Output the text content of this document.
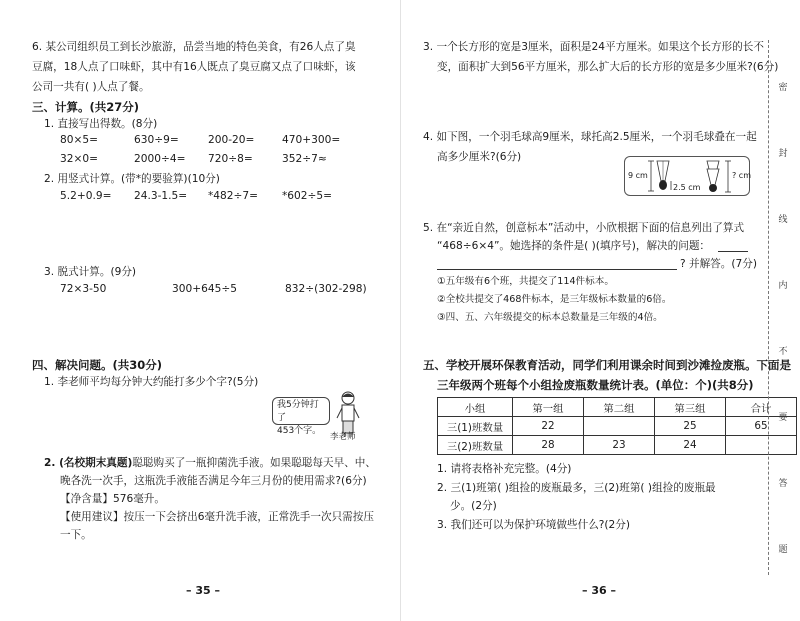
6. 某公司组织员工到长沙旅游，品尝当地的特色美食，有26人点了臭
豆腐，18人点了口味虾，其中有16人既点了臭豆腐又点了口味虾，该
公司一共有( )人点了餐。
三、计算。(共27分)
1. 直接写出得数。(8分)
80×5=	630÷9=	200-20=	470+300=
32×0=	2000÷4= 720÷8=	352÷7≈
2. 用竖式计算。(带*的要验算)(10分)
5.2+0.9= 24.3-1.5= *482÷7= *602÷5=
3. 脱式计算。(9分)
72×3-50	300+645÷5	832÷(302-298)
四、解决问题。(共30分)
1. 李老师平均每分钟大约能打多少个字?(5分)
我5分钟打了
453个字。
李老师
2. (名校期末真题)聪聪购买了一瓶抑菌洗手液。如果聪聪每天早、中、
晚各洗一次手，这瓶洗手液能否满足今年三月份的使用需求?(6分)
【净含量】576毫升。
【使用建议】按压一下会挤出6毫升洗手液，正常洗手一次只需按压
一下。
– 35 –
3. 一个长方形的宽是3厘米，面积是24平方厘米。如果这个长方形的长不
变，面积扩大到56平方厘米，那么扩大后的长方形的宽是多少厘米?(6分)
4. 如下图，一个羽毛球高9厘米，球托高2.5厘米，一个羽毛球叠在一起
高多少厘米?(6分)
9 cm
2.5 cm
? cm
5. 在“亲近自然，创意标本”活动中，小欣根据下面的信息列出了算式
“468÷6×4”。她选择的条件是( )(填序号)，解决的问题：
? 并解答。(7分)
①五年级有6个班，共提交了114件标本。
②全校共提交了468件标本，是三年级标本数量的6倍。
③四、五、六年级提交的标本总数量是三年级的4倍。
五、学校开展环保教育活动，同学们利用课余时间到沙滩捡废瓶。下面是
三年级两个班每个小组捡废瓶数量统计表。(单位：个)(共8分)
小组	第一组	第二组	第三组	合计
三(1)班数量	22		25	65
三(2)班数量	28	23	24	
1. 请将表格补充完整。(4分)
2. 三(1)班第( )组捡的废瓶最多，三(2)班第( )组捡的废瓶最
少。(2分)
3. 我们还可以为保护环境做些什么?(2分)
– 36 –
密
封
线
内
不
要
答
题
